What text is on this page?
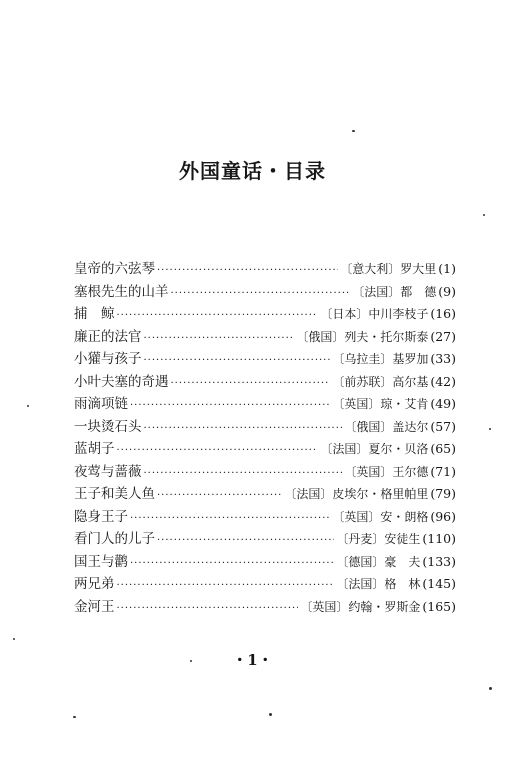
外国童话・目录
皇帝的六弦琴 ·····	〔意大利〕罗大里 (1)
塞根先生的山羊 ·····	〔法国〕都　德 (9)
捕　鲸 ·····	〔日本〕中川李枝子 (16)
廉正的法官 ·····	〔俄国〕列夫・托尔斯泰 (27)
小獾与孩子 ·····	〔乌拉圭〕基罗加 (33)
小叶夫塞的奇遇 ·····	〔前苏联〕高尔基 (42)
雨滴项链 ·····	〔英国〕琼・艾肯 (49)
一块烫石头 ·····	〔俄国〕盖达尔 (57)
蓝胡子 ·····	〔法国〕夏尔・贝洛 (65)
夜莺与蔷薇 ·····	〔英国〕王尔德 (71)
王子和美人鱼 ·····	〔法国〕皮埃尔・格里帕里 (79)
隐身王子 ·····	〔英国〕安・朗格 (96)
看门人的儿子 ·····	〔丹麦〕安徒生 (110)
国王与鹳 ·····	〔德国〕豪　夫 (133)
两兄弟 ·····	〔法国〕格　林 (145)
金河王 ·····	〔英国〕约翰・罗斯金 (165)
・1・
